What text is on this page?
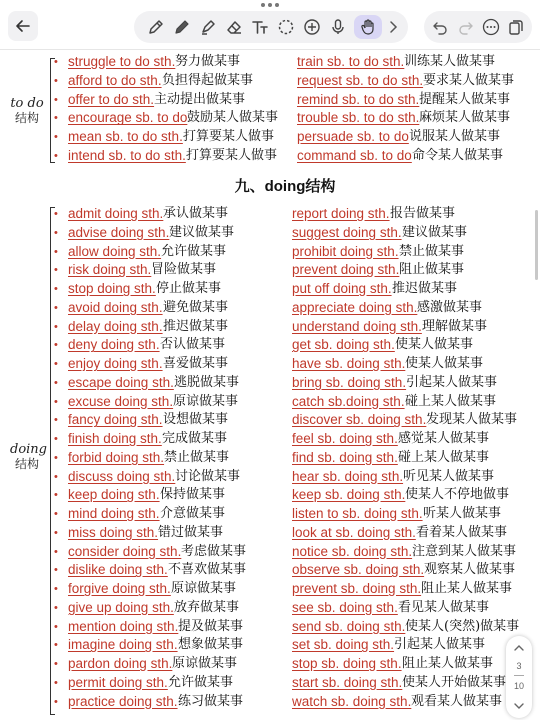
to do
结构
• struggle to do sth. 努力做某事
• afford to do sth. 负担得起做某事
• offer to do sth. 主动提出做某事
• encourage sb. to do 鼓励某人做某事
• mean sb. to do sth. 打算要某人做事
• intend sb. to do sth. 打算要某人做事
train sb. to do sth. 训练某人做某事
request sb. to do sth. 要求某人做某事
remind sb. to do sth. 提醒某人做某事
trouble sb. to do sth. 麻烦某人做某事
persuade sb. to do 说服某人做某事
command sb. to do 命令某人做某事
九、doing结构
doing
结构
• admit doing sth. 承认做某事
• advise doing sth. 建议做某事
• allow doing sth. 允许做某事
• risk doing sth. 冒险做某事
• stop doing sth. 停止做某事
• avoid doing sth. 避免做某事
• delay doing sth. 推迟做某事
• deny doing sth. 否认做某事
• enjoy doing sth. 喜爱做某事
• escape doing sth. 逃脱做某事
• excuse doing sth. 原谅做某事
• fancy doing sth. 设想做某事
• finish doing sth. 完成做某事
• forbid doing sth. 禁止做某事
• discuss doing sth. 讨论做某事
• keep doing sth. 保持做某事
• mind doing sth. 介意做某事
• miss doing sth. 错过做某事
• consider doing sth. 考虑做某事
• dislike doing sth. 不喜欢做某事
• forgive doing sth. 原谅做某事
• give up doing sth. 放弃做某事
• mention doing sth. 提及做某事
• imagine doing sth. 想象做某事
• pardon doing sth. 原谅做某事
• permit doing sth. 允许做某事
• practice doing sth. 练习做某事
report doing sth. 报告做某事
suggest doing sth. 建议做某事
prohibit doing sth. 禁止做某事
prevent doing sth. 阻止做某事
put off doing sth. 推迟做某事
appreciate doing sth. 感激做某事
understand doing sth. 理解做某事
get sb. doing sth. 使某人做某事
have sb. doing sth. 使某人做某事
bring sb. doing sth. 引起某人做某事
catch sb.doing sth. 碰上某人做某事
discover sb. doing sth. 发现某人做某事
feel sb. doing sth. 感觉某人做某事
find sb. doing sth. 碰上某人做某事
hear sb. doing sth. 听见某人做某事
keep sb. doing sth. 使某人不停地做事
listen to sb. doing sth. 听某人做某事
look at sb. doing sth. 看着某人做某事
notice sb. doing sth. 注意到某人做某事
observe sb. doing sth. 观察某人做某事
prevent sb. doing sth. 阻止某人做某事
see sb. doing sth. 看见某人做某事
send sb. doing sth. 使某人(突然)做某事
set sb. doing sth. 引起某人做某事
stop sb. doing sth. 阻止某人做某事
start sb. doing sth. 使某人开始做某事
watch sb. doing sth. 观看某人做某事
3
10
